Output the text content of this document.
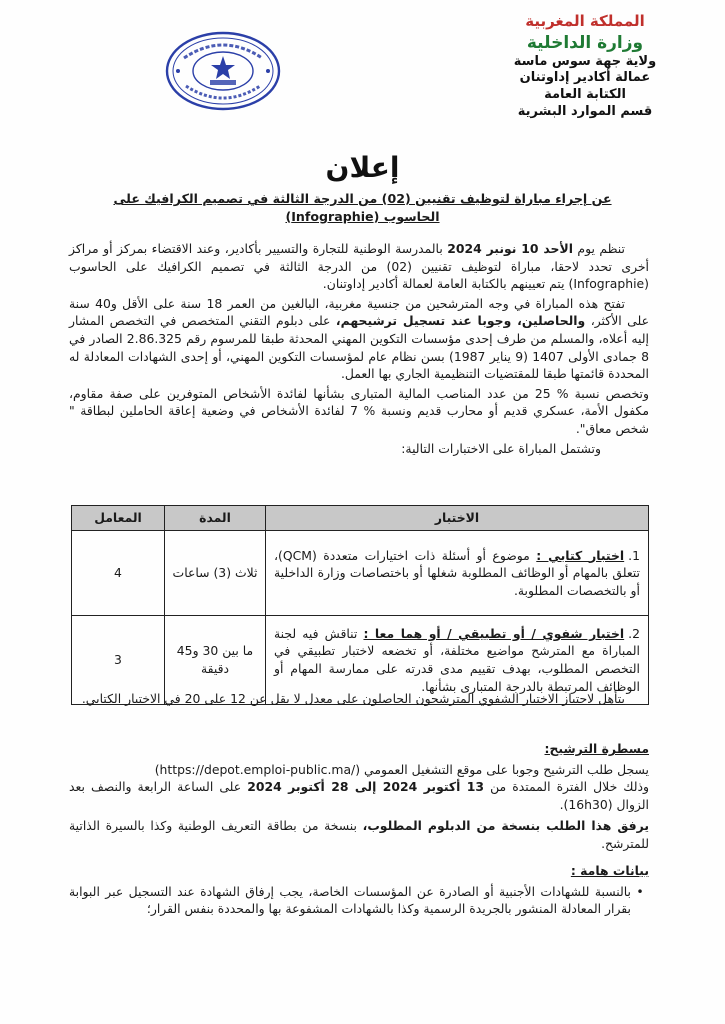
المملكة المغربية
وزارة الداخلية
ولاية جهة سوس ماسة
عمالة أكادير إداوتنان
الكتابة العامة
قسم الموارد البشرية
إعلان
عن إجراء مباراة لتوظيف تقنيين (02) من الدرجة الثالثة في تصميم الكرافيك على الحاسوب (Infographie)

تنظم يوم الأحد 10 نونبر 2024 بالمدرسة الوطنية للتجارة والتسيير بأكادير، وعند الاقتضاء بمركز أو مراكز أخرى تحدد لاحقا، مباراة لتوظيف تقنيين (02) من الدرجة الثالثة في تصميم الكرافيك على الحاسوب (Infographie) يتم تعيينهم بالكتابة العامة لعمالة أكادير إداوتنان.

تفتح هذه المباراة في وجه المترشحين من جنسية مغربية، البالغين من العمر 18 سنة على الأقل و40 سنة على الأكثر، والحاصلين، وجوبا عند تسجيل ترشيحهم، على دبلوم التقني المتخصص في التخصص المشار إليه أعلاه، والمسلم من طرف إحدى مؤسسات التكوين المهني المحدثة طبقا للمرسوم رقم 2.86.325 الصادر في 8 جمادى الأولى 1407 (9 يناير 1987) بسن نظام عام لمؤسسات التكوين المهني، أو إحدى الشهادات المعادلة له المحددة قائمتها طبقا للمقتضيات التنظيمية الجاري بها العمل.

وتخصص نسبة % 25 من عدد المناصب المالية المتبارى بشأنها لفائدة الأشخاص المتوفرين على صفة مقاوم، مكفول الأمة، عسكري قديم أو محارب قديم ونسبة % 7 لفائدة الأشخاص في وضعية إعاقة الحاملين لبطاقة " شخص معاق".

وتشتمل المباراة على الاختبارات التالية:

الاختبار	المدة	المعامل
1.اختبار كتابي : موضوع أو أسئلة ذات اختيارات متعددة (QCM)، تتعلق بالمهام أو الوظائف المطلوبة شغلها أو باختصاصات وزارة الداخلية أو بالتخصصات المطلوبة.	ثلاث (3) ساعات	4
2.اختبار شفوي / أو تطبيقي / أو هما معا : تناقش فيه لجنة المباراة مع المترشح مواضيع مختلفة، أو تخضعه لاختبار تطبيقي في التخصص المطلوب، بهدف تقييم مدى قدرته على ممارسة المهام أو الوظائف المرتبطة بالدرجة المتبارى بشأنها.	ما بين 30 و45 دقيقة	3

يتأهل لاجتياز الاختبار الشفوي المترشحون الحاصلون على معدل لا يقل عن 12 على 20 في الاختبار الكتابي.

مسطرة الترشيح:

يسجل طلب الترشيح وجوبا على موقع التشغيل العمومي (https://depot.emploi-public.ma/)

وذلك خلال الفترة الممتدة من 13 أكتوبر 2024 إلى 28 أكتوبر 2024 على الساعة الرابعة والنصف بعد الزوال (16h30).

يرفق هذا الطلب بنسخة من الدبلوم المطلوب، بنسخة من بطاقة التعريف الوطنية وكذا بالسيرة الذاتية للمترشح.

بيانات هامة :
•
بالنسبة للشهادات الأجنبية أو الصادرة عن المؤسسات الخاصة، يجب إرفاق الشهادة عند التسجيل عبر البوابة بقرار المعادلة المنشور بالجريدة الرسمية وكذا بالشهادات المشفوعة بها والمحددة بنفس القرار؛
